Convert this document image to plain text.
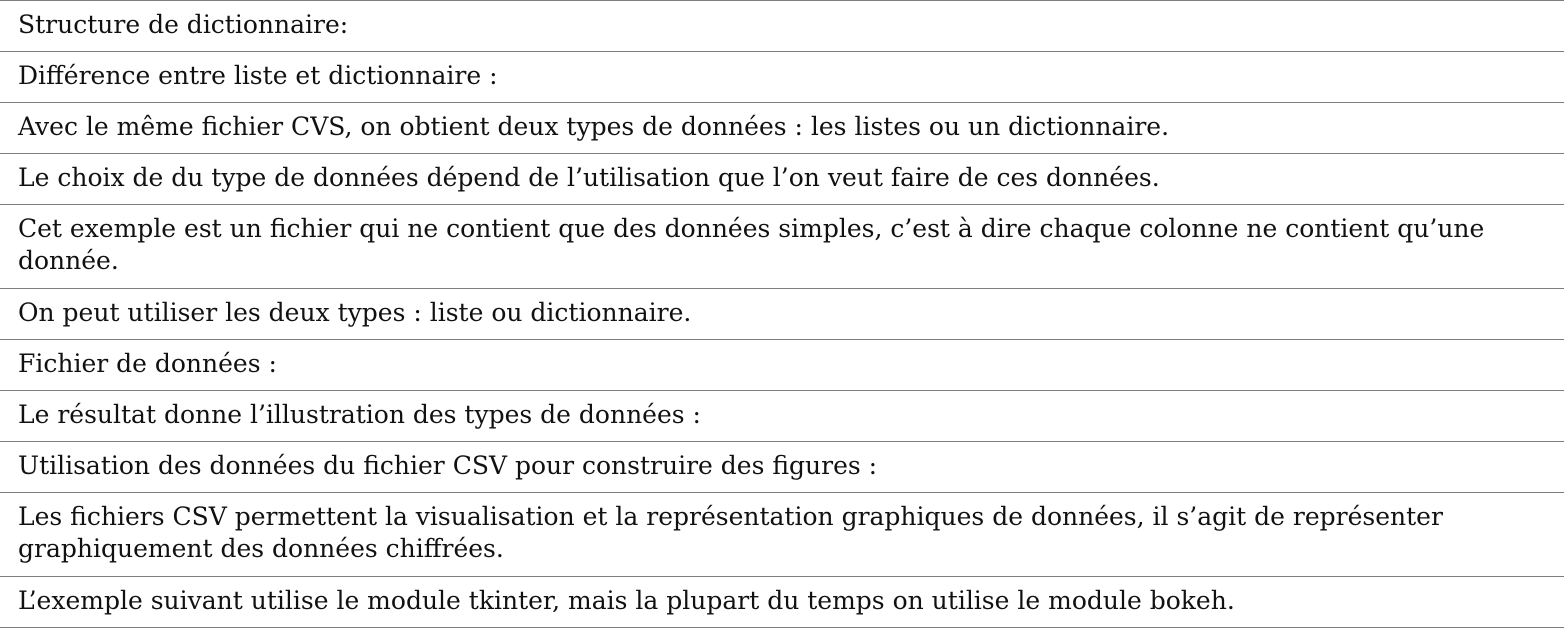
Structure de dictionnaire:
Différence entre liste et dictionnaire :
Avec le même fichier CVS, on obtient deux types de données : les listes ou un dictionnaire.
Le choix de du type de données dépend de l’utilisation que l’on veut faire de ces données.
Cet exemple est un fichier qui ne contient que des données simples, c’est à dire chaque colonne ne contient qu’une donnée.
On peut utiliser les deux types : liste ou dictionnaire.
Fichier de données :
Le résultat donne l’illustration des types de données :
Utilisation des données du fichier CSV pour construire des figures :
Les fichiers CSV permettent la visualisation et la représentation graphiques de données, il s’agit de représenter graphiquement des données chiffrées.
L’exemple suivant utilise le module tkinter, mais la plupart du temps on utilise le module bokeh.
